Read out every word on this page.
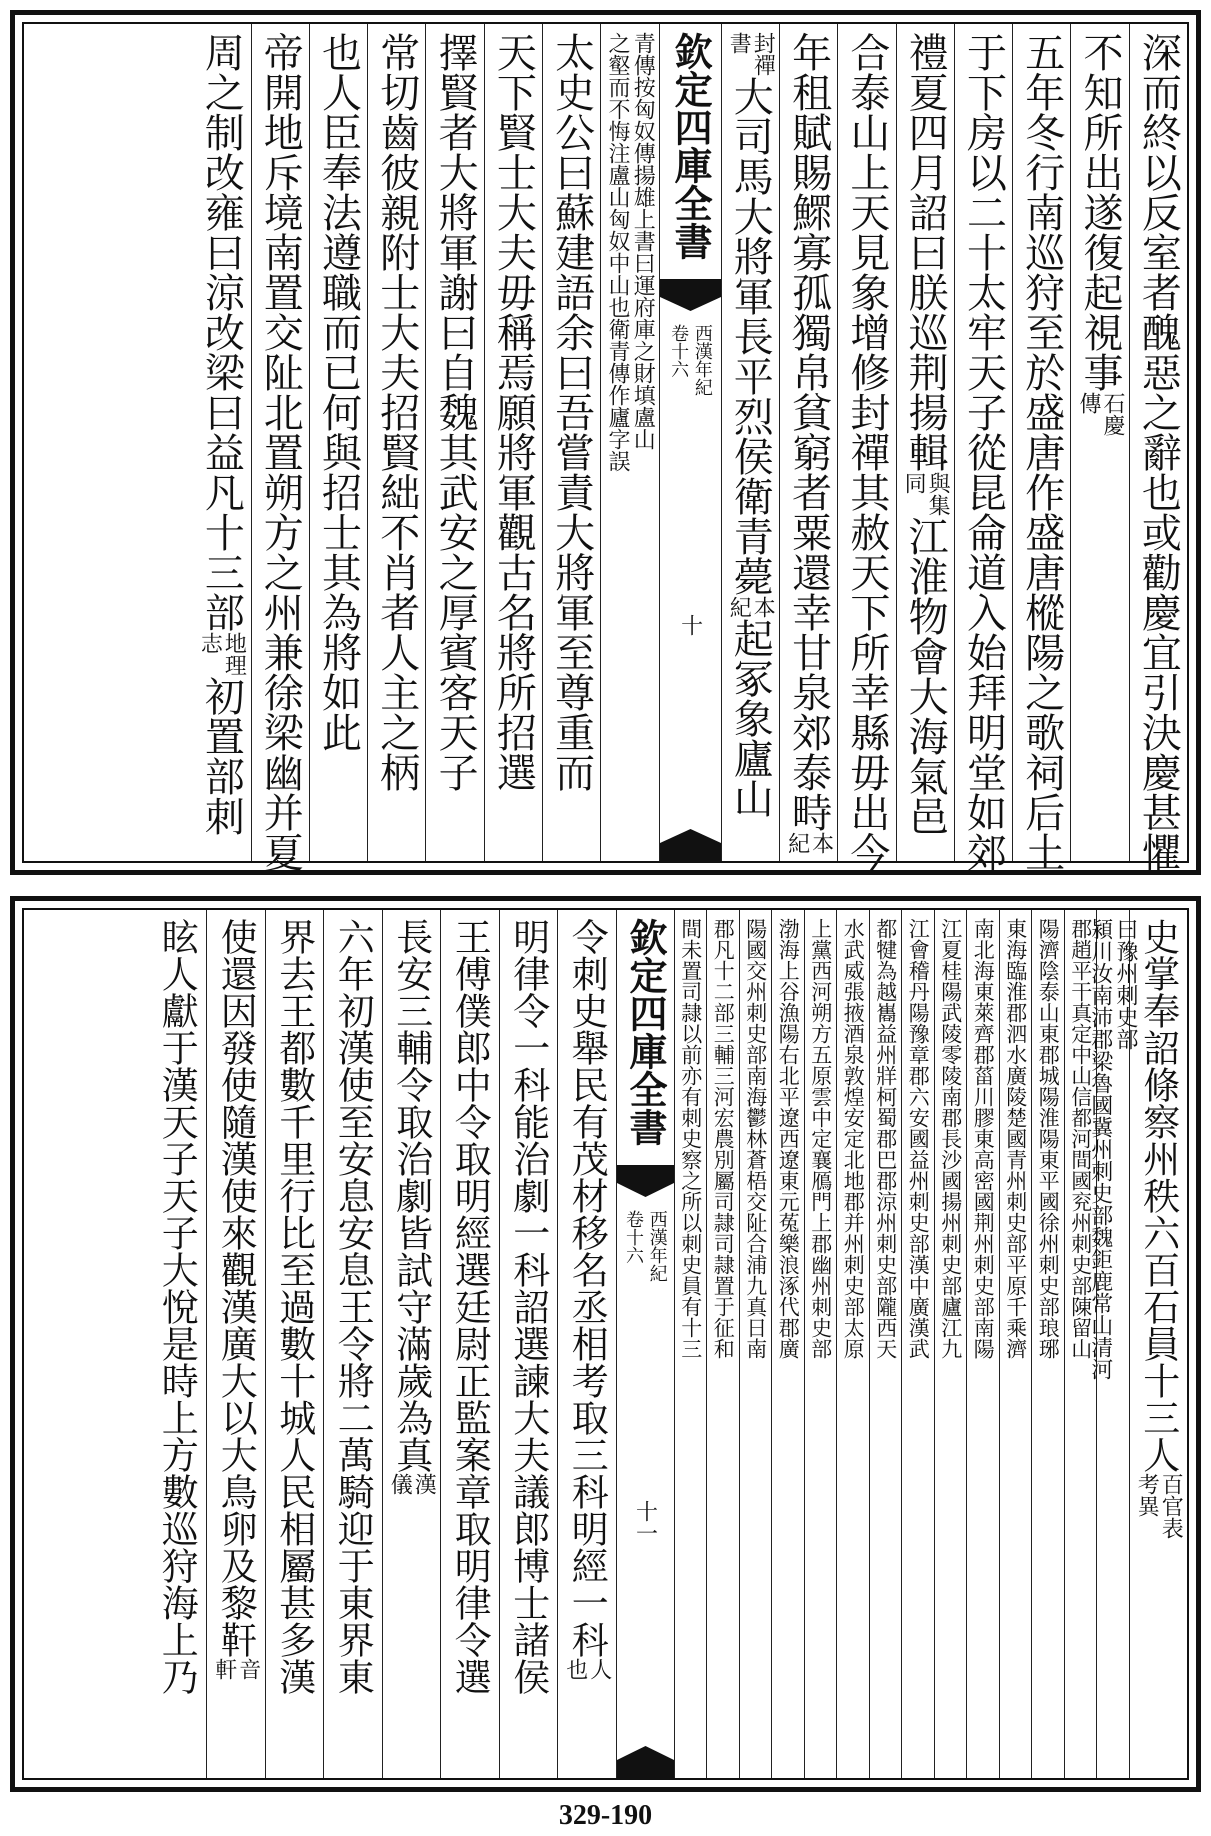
深而終以反室者醜惡之辭也或勸慶宜引決慶甚懼
不知所出遂復起視事
石慶
傳
五年冬行南巡狩至於盛唐作盛唐樅陽之歌祠后土
于下房以二十太牢天子從昆侖道入始拜明堂如郊
禮夏四月詔曰朕巡荆揚輯
與集
同
江淮物會大海氣邑
合泰山上天見象增修封禪其赦天下所幸縣毋出今
年租賦賜鰥寡孤獨帛貧窮者粟還幸甘泉郊泰畤
本
紀
封禪
書
大司馬大將軍長平烈侯衛青薨
本
紀
起冢象廬山
欽定四庫全書
西漢年紀
卷十六
十
青傳按匈奴傳揚雄上書曰運府庫之財填盧山
之壑而不悔注盧山匈奴中山也衛青傳作廬字誤
太史公曰蘇建語余曰吾嘗責大將軍至尊重而
天下賢士大夫毋稱焉願將軍觀古名將所招選
擇賢者大將軍謝曰自魏其武安之厚賓客天子
常切齒彼親附士大夫招賢絀不肖者人主之柄
也人臣奉法遵職而已何與招士其為將如此
帝開地斥境南置交阯北置朔方之州兼徐梁幽并夏
周之制改雍曰涼改梁曰益凡十三部
地理
志
初置部刺
史掌奉詔條察州秩六百石員十三人
百官表
考異
曰豫州刺史部
潁川汝南沛郡梁魯國冀州刺史部魏鉅鹿常山清河
郡趙平干真定中山信都河間國兖州刺史部陳留山
陽濟陰泰山東郡城陽淮陽東平國徐州刺史部琅琊
東海臨淮郡泗水廣陵楚國青州刺史部平原千乘濟
南北海東萊齊郡菑川膠東高密國荆州刺史部南陽
江夏桂陽武陵零陵南郡長沙國揚州刺史部廬江九
江會稽丹陽豫章郡六安國益州刺史部漢中廣漢武
都犍為越巂益州牂柯蜀郡巴郡涼州刺史部隴西天
水武威張掖酒泉敦煌安定北地郡并州刺史部太原
上黨西河朔方五原雲中定襄鴈門上郡幽州刺史部
渤海上谷漁陽右北平遼西遼東元菟樂浪涿代郡廣
陽國交州刺史部南海鬱林蒼梧交阯合浦九真日南
郡凡十二部三輔三河宏農別屬司隷司隷置于征和
間未置司隷以前亦有刺史察之所以刺史員有十三
欽定四庫全書
西漢年紀
卷十六
十一
令刺史舉民有茂材移名丞相考取三科明經一科
人
也
明律令一科能治劇一科詔選諫大夫議郎博士諸侯
王傅僕郎中令取明經選廷尉正監案章取明律令選
長安三輔令取治劇皆試守滿歲為真
漢
儀
六年初漢使至安息安息王令將二萬騎迎于東界東
界去王都數千里行比至過數十城人民相屬甚多漢
使還因發使隨漢使來觀漢廣大以大鳥卵及黎靬
音
軒
眩人獻于漢天子天子大悅是時上方數巡狩海上乃
329-190
